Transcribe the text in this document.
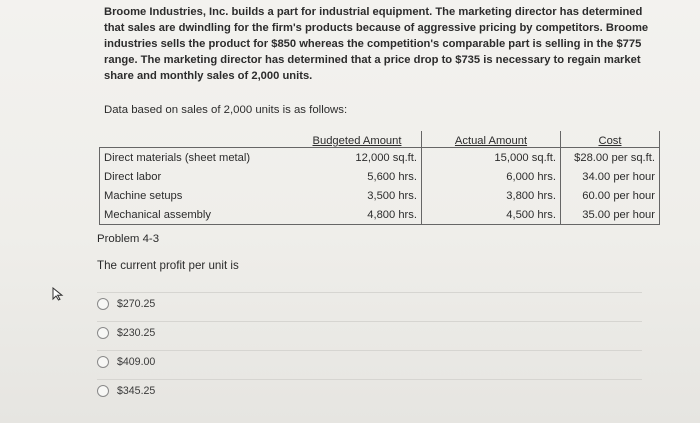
Broome Industries, Inc. builds a part for industrial equipment. The marketing director has determined that sales are dwindling for the firm's products because of aggressive pricing by competitors. Broome industries sells the product for $850 whereas the competition's comparable part is selling in the $775 range. The marketing director has determined that a price drop to $735 is necessary to regain market share and monthly sales of 2,000 units.
Data based on sales of 2,000 units is as follows:
	Budgeted Amount	Actual Amount	Cost
Direct materials (sheet metal)	12,000 sq.ft.	15,000 sq.ft.	$28.00 per sq.ft.
Direct labor	5,600 hrs.	6,000 hrs.	34.00 per hour
Machine setups	3,500 hrs.	3,800 hrs.	60.00 per hour
Mechanical assembly	4,800 hrs.	4,500 hrs.	35.00 per hour
Problem 4-3
The current profit per unit is
$270.25
$230.25
$409.00
$345.25
